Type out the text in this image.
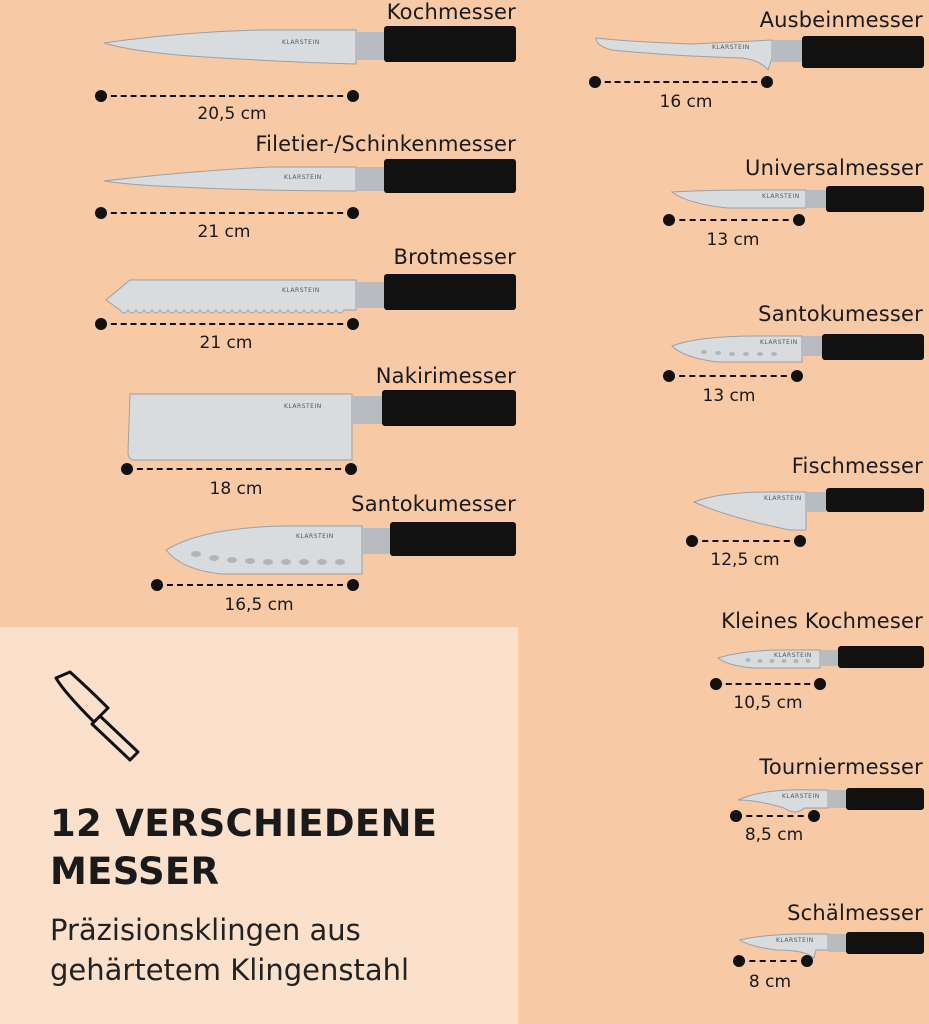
Kochmesser
KLARSTEIN
20,5 cm
Filetier-/Schinkenmesser
KLARSTEIN
21 cm
Brotmesser
KLARSTEIN
21 cm
Nakirimesser
KLARSTEIN
18 cm
Santokumesser
KLARSTEIN
16,5 cm
Ausbeinmesser
KLARSTEIN
16 cm
Universalmesser
KLARSTEIN
13 cm
Santokumesser
KLARSTEIN
13 cm
Fischmesser
KLARSTEIN
12,5 cm
Kleines Kochmeser
KLARSTEIN
10,5 cm
Tourniermesser
KLARSTEIN
8,5 cm
Schälmesser
KLARSTEIN
8 cm
12 VERSCHIEDENE
MESSER
Präzisionsklingen aus
gehärtetem Klingenstahl
